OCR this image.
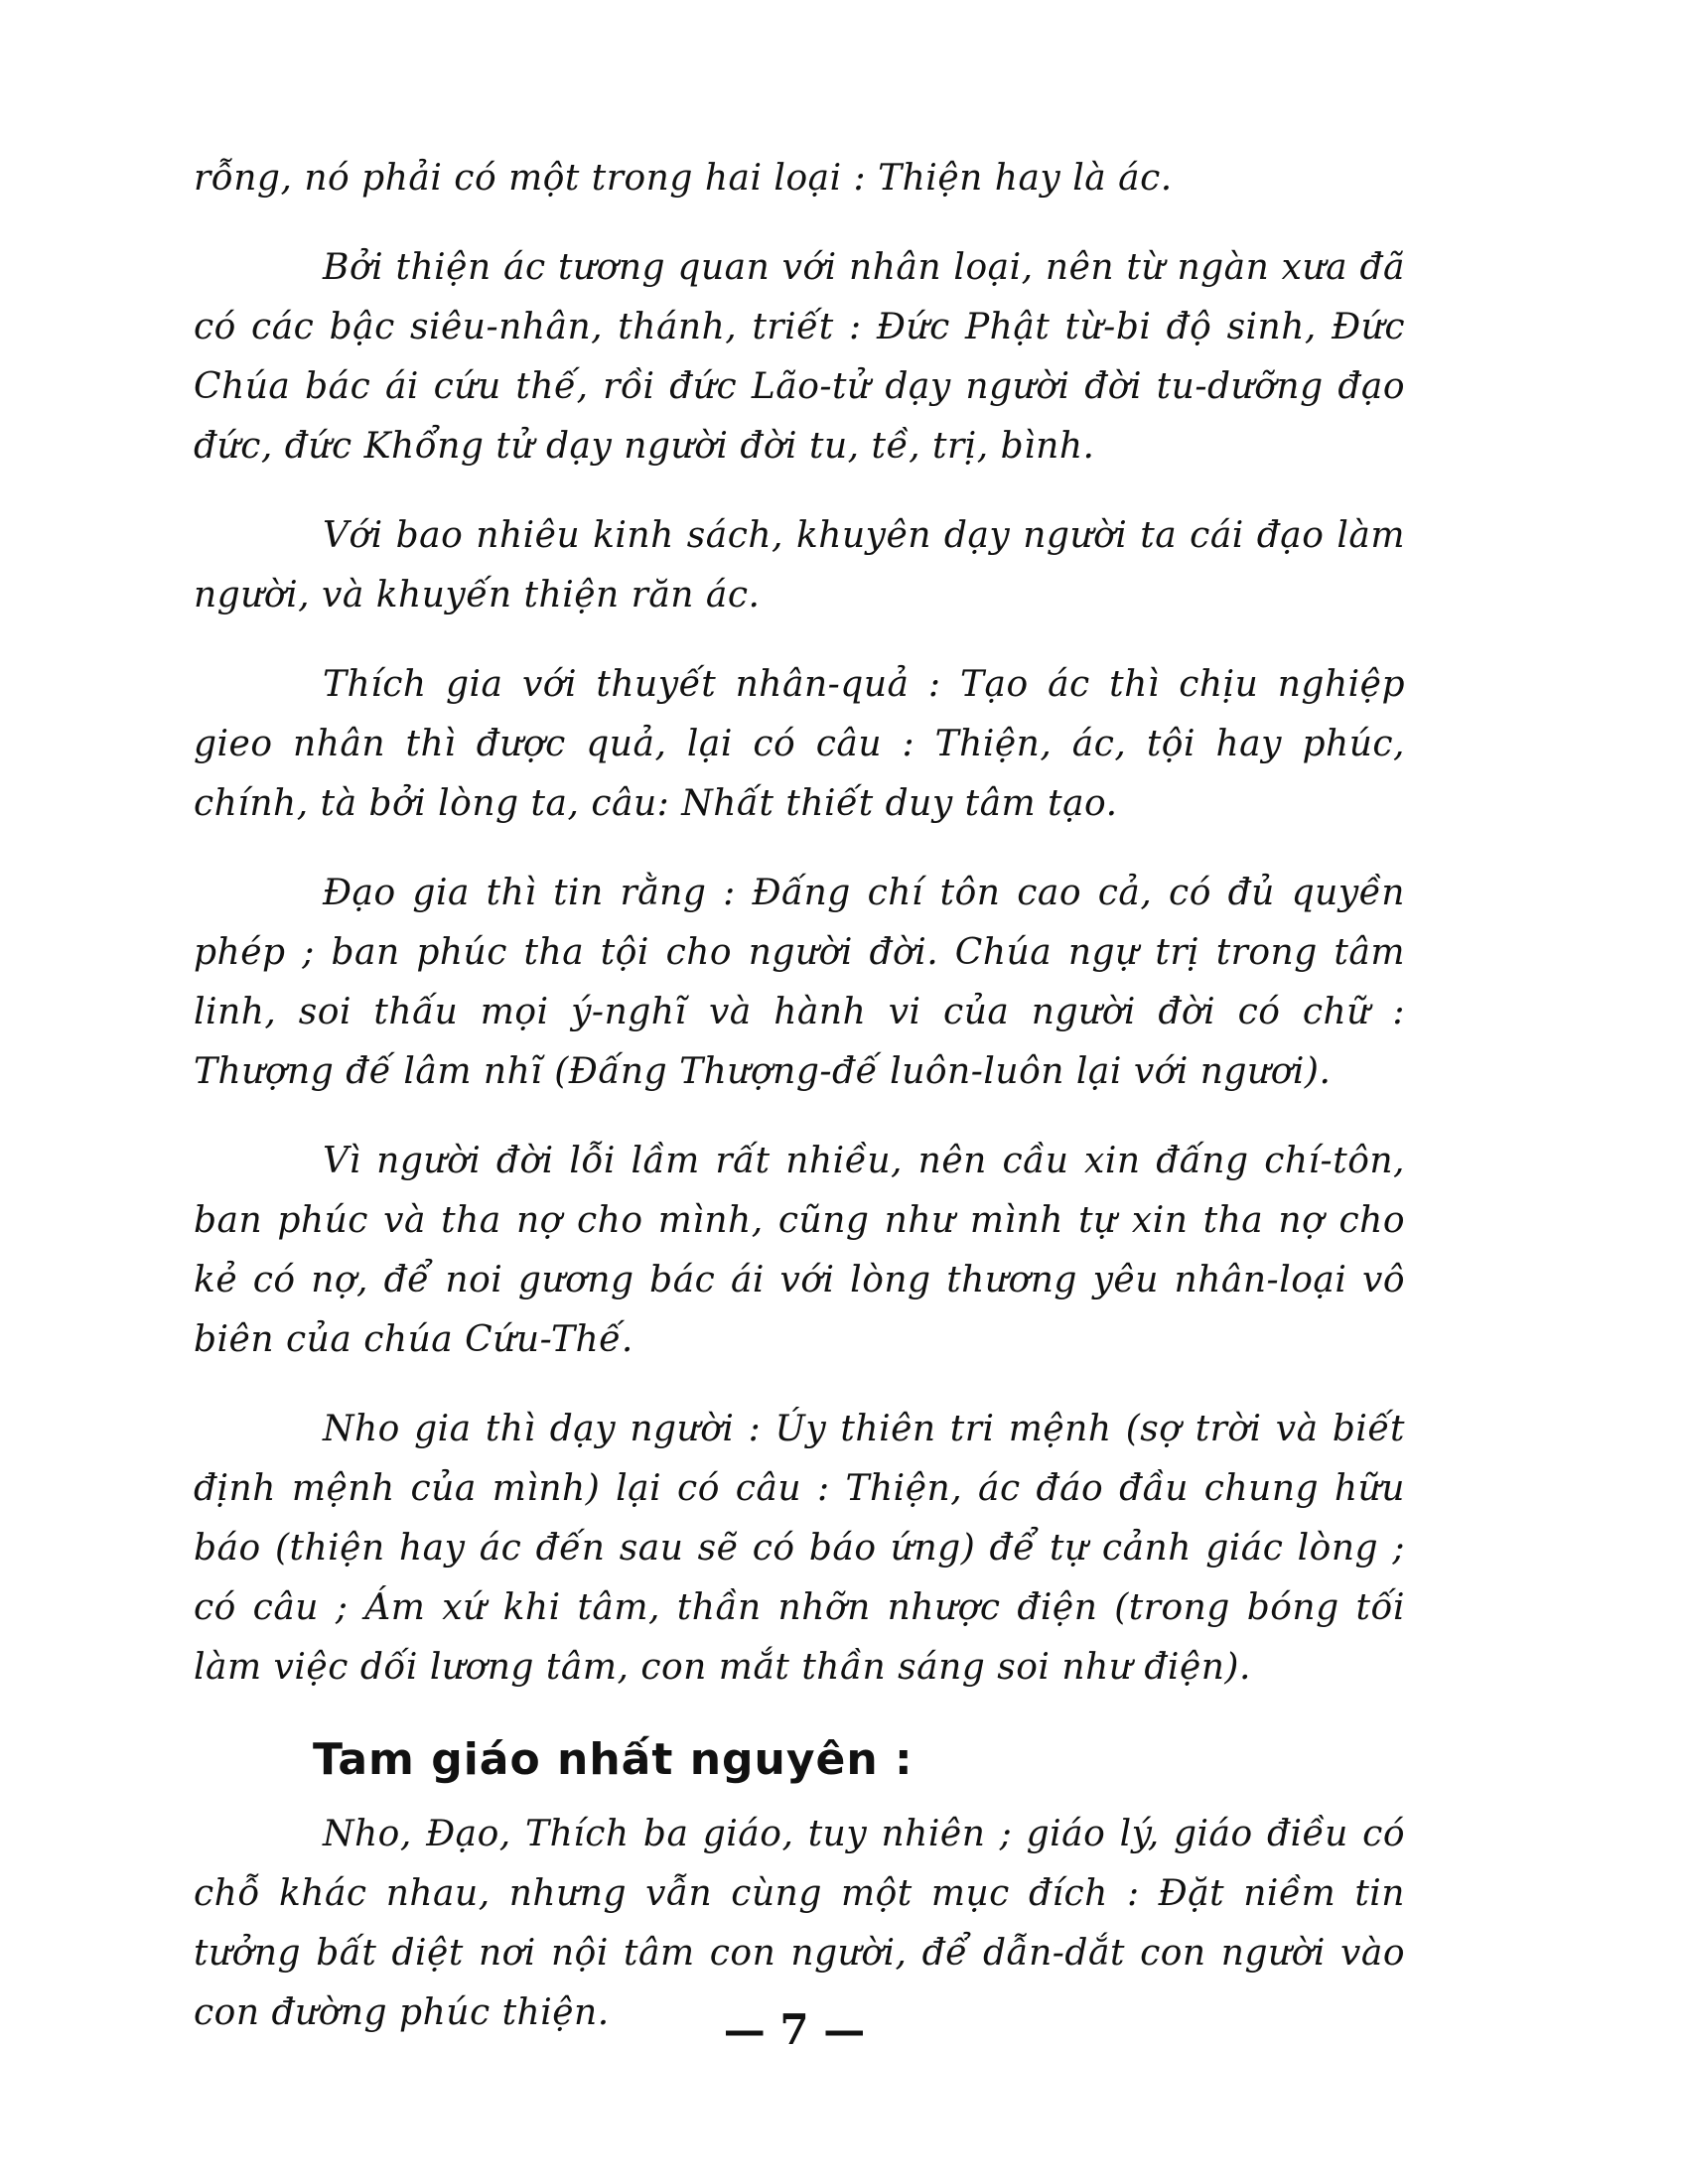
rỗng, nó phải có một trong hai loại : Thiện hay là ác.

Bởi thiện ác tương quan với nhân loại, nên từ ngàn xưa đã có các bậc siêu-nhân, thánh, triết : Đức Phật từ-bi độ sinh, Đức Chúa bác ái cứu thế, rồi đức Lão-tử dạy người đời tu-dưỡng đạo đức, đức Khổng tử dạy người đời tu, tề, trị, bình.

Với bao nhiêu kinh sách, khuyên dạy người ta cái đạo làm người, và khuyến thiện răn ác.

Thích gia với thuyết nhân-quả : Tạo ác thì chịu nghiệp gieo nhân thì được quả, lại có câu : Thiện, ác, tội hay phúc, chính, tà bởi lòng ta, câu: Nhất thiết duy tâm tạo.

Đạo gia thì tin rằng : Đấng chí tôn cao cả, có đủ quyền phép ; ban phúc tha tội cho người đời. Chúa ngự trị trong tâm linh, soi thấu mọi ý-nghĩ và hành vi của người đời có chữ : Thượng đế lâm nhĩ (Đấng Thượng-đế luôn-luôn lại với ngươi).

Vì người đời lỗi lầm rất nhiều, nên cầu xin đấng chí-tôn, ban phúc và tha nợ cho mình, cũng như mình tự xin tha nợ cho kẻ có nợ, để noi gương bác ái với lòng thương yêu nhân-loại vô biên của chúa Cứu-Thế.

Nho gia thì dạy người : Úy thiên tri mệnh (sợ trời và biết định mệnh của mình) lại có câu : Thiện, ác đáo đầu chung hữu báo (thiện hay ác đến sau sẽ có báo ứng) để tự cảnh giác lòng ; có câu ; Ám xứ khi tâm, thần nhỡn nhược điện (trong bóng tối làm việc dối lương tâm, con mắt thần sáng soi như điện).

Tam giáo nhất nguyên :

Nho, Đạo, Thích ba giáo, tuy nhiên ; giáo lý, giáo điều có chỗ khác nhau, nhưng vẫn cùng một mục đích : Đặt niềm tin tưởng bất diệt nơi nội tâm con người, để dẫn-dắt con người vào con đường phúc thiện.	— 7 —
